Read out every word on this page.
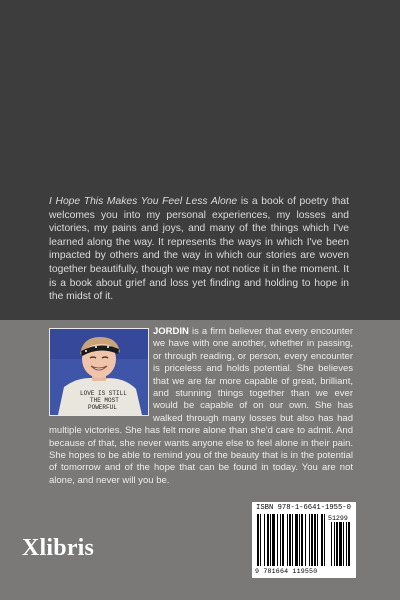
I Hope This Makes You Feel Less Alone is a book of poetry that welcomes you into my personal experiences, my losses and victories, my pains and joys, and many of the things which I've learned along the way. It represents the ways in which I've been impacted by others and the way in which our stories are woven together beautifully, though we may not notice it in the moment. It is a book about grief and loss yet finding and holding to hope in the midst of it.
LOVE IS STILL
THE MOST
POWERFUL
JORDIN is a firm believer that every encounter we have with one another, whether in passing, or through reading, or person, every encounter is priceless and holds potential. She believes that we are far more capable of great, brilliant, and stunning things together than we ever would be capable of on our own. She has walked through many losses but also has had multiple victories. She has felt more alone than she'd care to admit. And because of that, she never wants anyone else to feel alone in their pain. She hopes to be able to remind you of the beauty that is in the potential of tomorrow and of the hope that can be found in today. You are not alone, and never will you be.
Xlibris
ISBN 978-1-6641-1955-0
51299
9 781664 119550
